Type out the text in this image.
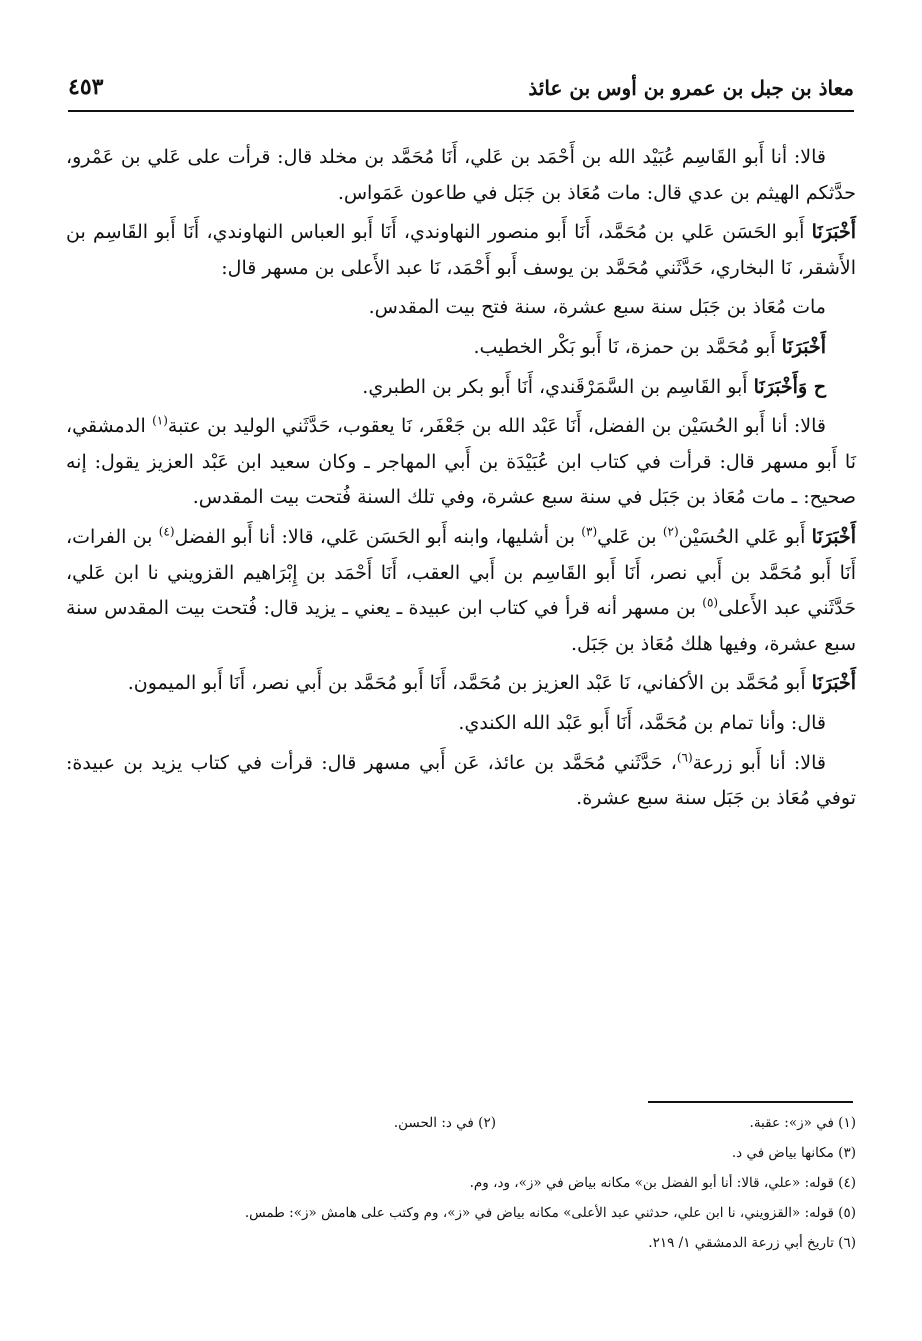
معاذ بن جبل بن عمرو بن أوس بن عائذ
٤٥٣

قالا: أنا أَبو القَاسِم عُبَيْد الله بن أَحْمَد بن عَلي، أَنَا مُحَمَّد بن مخلد قال: قرأت على عَلي بن عَمْرو، حدَّثكم الهيثم بن عدي قال: مات مُعَاذ بن جَبَل في طاعون عَمَواس.

أَخْبَرَنَا أَبو الحَسَن عَلي بن مُحَمَّد، أَنَا أَبو منصور النهاوندي، أَنَا أَبو العباس النهاوندي، أَنَا أَبو القَاسِم بن الأَشقر، نَا البخاري، حَدَّثَني مُحَمَّد بن يوسف أَبو أَحْمَد، نَا عبد الأَعلى بن مسهر قال:

مات مُعَاذ بن جَبَل سنة سبع عشرة، سنة فتح بيت المقدس.

أَخْبَرَنَا أَبو مُحَمَّد بن حمزة، نَا أَبو بَكْر الخطيب.

ح وَأَخْبَرَنَا أَبو القَاسِم بن السَّمَرْقَندي، أَنَا أَبو بكر بن الطبري.

قالا: أنا أَبو الحُسَيْن بن الفضل، أَنَا عَبْد الله بن جَعْفَر، نَا يعقوب، حَدَّثَني الوليد بن عتبة$^{(١)}$ الدمشقي، نَا أَبو مسهر قال: قرأت في كتاب ابن عُبَيْدَة بن أَبي المهاجر ـ وكان سعيد ابن عَبْد العزيز يقول: إنه صحيح: ـ مات مُعَاذ بن جَبَل في سنة سبع عشرة، وفي تلك السنة فُتحت بيت المقدس.

أَخْبَرَنَا أَبو عَلي الحُسَيْن$^{(٢)}$ بن عَلي$^{(٣)}$ بن أشليها، وابنه أَبو الحَسَن عَلي، قالا: أنا أَبو الفضل$^{(٤)}$ بن الفرات، أَنَا أَبو مُحَمَّد بن أَبي نصر، أَنَا أَبو القَاسِم بن أَبي العقب، أَنَا أَحْمَد بن إِبْرَاهيم القزويني نا ابن عَلي، حَدَّثَني عبد الأَعلى$^{(٥)}$ بن مسهر أنه قرأ في كتاب ابن عبيدة ـ يعني ـ يزيد قال: فُتحت بيت المقدس سنة سبع عشرة، وفيها هلك مُعَاذ بن جَبَل.

أَخْبَرَنَا أَبو مُحَمَّد بن الأكفاني، نَا عَبْد العزيز بن مُحَمَّد، أَنَا أَبو مُحَمَّد بن أَبي نصر، أَنَا أَبو الميمون.

قال: وأنا تمام بن مُحَمَّد، أَنَا أَبو عَبْد الله الكندي.

قالا: أنا أَبو زرعة$^{(٦)}$، حَدَّثَني مُحَمَّد بن عائذ، عَن أَبي مسهر قال: قرأت في كتاب يزيد بن عبيدة: توفي مُعَاذ بن جَبَل سنة سبع عشرة.

(١) في «ز»: عقبة.
(٢) في د: الحسن.
(٣) مكانها بياض في د.
(٤) قوله: «علي، قالا: أنا أبو الفضل بن» مكانه بياض في «ز»، ود، وم.
(٥) قوله: «القزويني، نا ابن علي، حدثني عبد الأعلى» مكانه بياض في «ز»، وم وكتب على هامش «ز»: طمس.
(٦) تاريخ أبي زرعة الدمشقي ١/ ٢١٩.
